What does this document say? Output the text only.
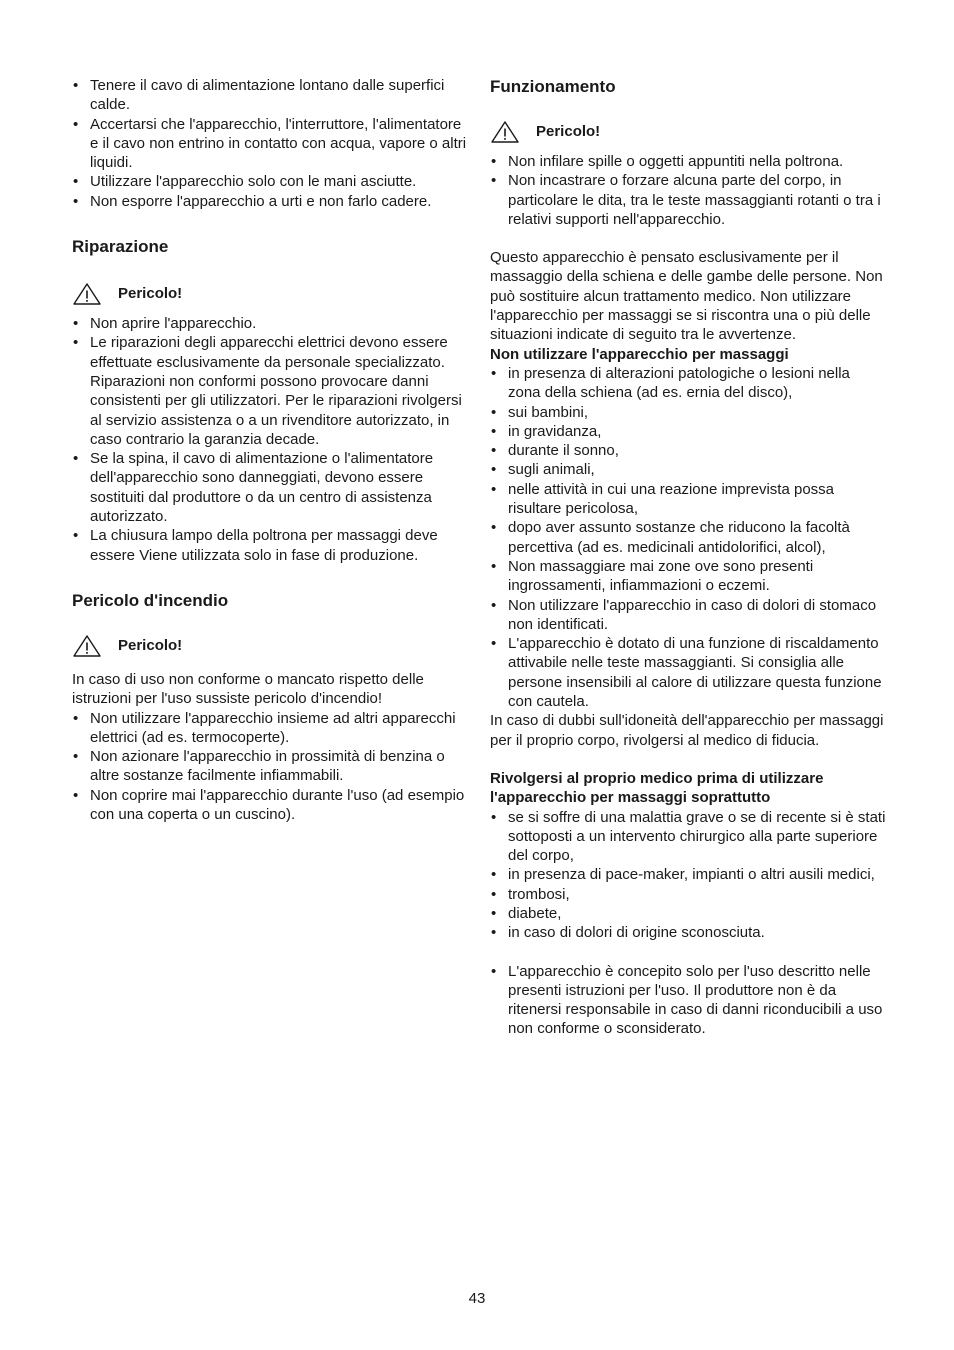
• Tenere il cavo di alimentazione lontano dalle superfici calde.
• Accertarsi che l'apparecchio, l'interruttore, l'alimentatore e il cavo non entrino in contatto con acqua, vapore o altri liquidi.
• Utilizzare l'apparecchio solo con le mani asciutte.
• Non esporre l'apparecchio a urti e non farlo cadere.
Riparazione
Pericolo!
• Non aprire l'apparecchio.
• Le riparazioni degli apparecchi elettrici devono essere effettuate esclusivamente da personale specializzato. Riparazioni non conformi possono provocare danni consistenti per gli utilizzatori. Per le riparazioni rivolgersi al servizio assistenza o a un rivenditore autorizzato, in caso contrario la garanzia decade.
• Se la spina, il cavo di alimentazione o l'alimentatore dell'apparecchio sono danneggiati, devono essere sostituiti dal produttore o da un centro di assistenza autorizzato.
• La chiusura lampo della poltrona per massaggi deve essere Viene utilizzata solo in fase di produzione.
Pericolo d'incendio
Pericolo!

In caso di uso non conforme o mancato rispetto delle istruzioni per l'uso sussiste pericolo d'incendio!

• Non utilizzare l'apparecchio insieme ad altri apparecchi elettrici (ad es. termocoperte).
• Non azionare l'apparecchio in prossimità di benzina o altre sostanze facilmente infiammabili.
• Non coprire mai l'apparecchio durante l'uso (ad esempio con una coperta o un cuscino).
Funzionamento
Pericolo!
• Non infilare spille o oggetti appuntiti nella poltrona.
• Non incastrare o forzare alcuna parte del corpo, in particolare le dita, tra le teste massaggianti rotanti o tra i relativi supporti nell'apparecchio.

Questo apparecchio è pensato esclusivamente per il massaggio della schiena e delle gambe delle persone. Non può sostituire alcun trattamento medico. Non utilizzare l'apparecchio per massaggi se si riscontra una o più delle situazioni indicate di seguito tra le avvertenze.

Non utilizzare l'apparecchio per massaggi

• in presenza di alterazioni patologiche o lesioni nella zona della schiena (ad es. ernia del disco),
• sui bambini,
• in gravidanza,
• durante il sonno,
• sugli animali,
• nelle attività in cui una reazione imprevista possa risultare pericolosa,
• dopo aver assunto sostanze che riducono la facoltà percettiva (ad es. medicinali antidolorifici, alcol),
• Non massaggiare mai zone ove sono presenti ingrossamenti, infiammazioni o eczemi.
• Non utilizzare l'apparecchio in caso di dolori di stomaco non identificati.
• L'apparecchio è dotato di una funzione di riscaldamento attivabile nelle teste massaggianti. Si consiglia alle persone insensibili al calore di utilizzare questa funzione con cautela.

In caso di dubbi sull'idoneità dell'apparecchio per massaggi per il proprio corpo, rivolgersi al medico di fiducia.

Rivolgersi al proprio medico prima di utilizzare l'apparecchio per massaggi soprattutto

• se si soffre di una malattia grave o se di recente si è stati sottoposti a un intervento chirurgico alla parte superiore del corpo,
• in presenza di pace-maker, impianti o altri ausili medici,
• trombosi,
• diabete,
• in caso di dolori di origine sconosciuta.
• L'apparecchio è concepito solo per l'uso descritto nelle presenti istruzioni per l'uso. Il produttore non è da ritenersi responsabile in caso di danni riconducibili a uso non conforme o sconsiderato.
43
